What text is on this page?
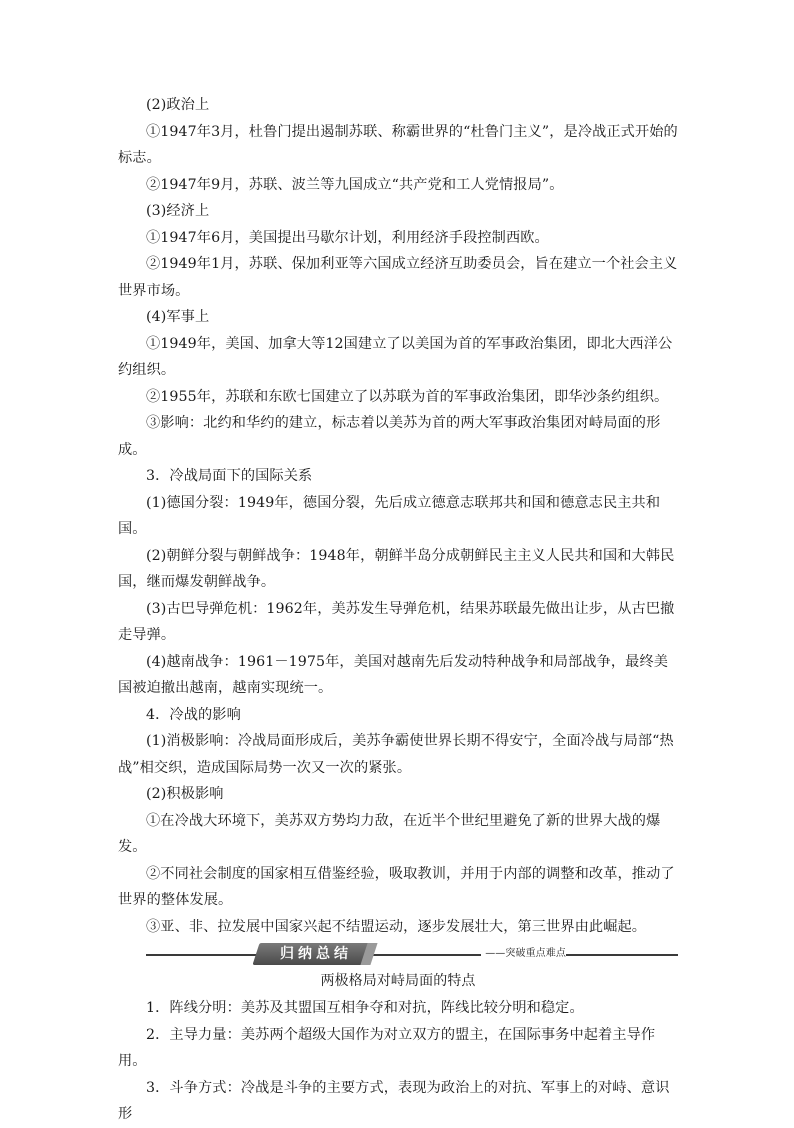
(2)政治上

①1947年3月，杜鲁门提出遏制苏联、称霸世界的“杜鲁门主义”，是冷战正式开始的标志。

②1947年9月，苏联、波兰等九国成立“共产党和工人党情报局”。

(3)经济上

①1947年6月，美国提出马歇尔计划，利用经济手段控制西欧。

②1949年1月，苏联、保加利亚等六国成立经济互助委员会，旨在建立一个社会主义世界市场。

(4)军事上

①1949年，美国、加拿大等12国建立了以美国为首的军事政治集团，即北大西洋公约组织。

②1955年，苏联和东欧七国建立了以苏联为首的军事政治集团，即华沙条约组织。

③影响：北约和华约的建立，标志着以美苏为首的两大军事政治集团对峙局面的形成。

3．冷战局面下的国际关系

(1)德国分裂：1949年，德国分裂，先后成立德意志联邦共和国和德意志民主共和国。

(2)朝鲜分裂与朝鲜战争：1948年，朝鲜半岛分成朝鲜民主主义人民共和国和大韩民国，继而爆发朝鲜战争。

(3)古巴导弹危机：1962年，美苏发生导弹危机，结果苏联最先做出让步，从古巴撤走导弹。

(4)越南战争：1961－1975年，美国对越南先后发动特种战争和局部战争，最终美国被迫撤出越南，越南实现统一。

4．冷战的影响

(1)消极影响：冷战局面形成后，美苏争霸使世界长期不得安宁，全面冷战与局部“热战”相交织，造成国际局势一次又一次的紧张。

(2)积极影响

①在冷战大环境下，美苏双方势均力敌，在近半个世纪里避免了新的世界大战的爆发。

②不同社会制度的国家相互借鉴经验，吸取教训，并用于内部的调整和改革，推动了世界的整体发展。

③亚、非、拉发展中国家兴起不结盟运动，逐步发展壮大，第三世界由此崛起。

归纳总结	——突破重点难点

两极格局对峙局面的特点

1．阵线分明：美苏及其盟国互相争夺和对抗，阵线比较分明和稳定。

2．主导力量：美苏两个超级大国作为对立双方的盟主，在国际事务中起着主导作用。

3．斗争方式：冷战是斗争的主要方式，表现为政治上的对抗、军事上的对峙、意识形
